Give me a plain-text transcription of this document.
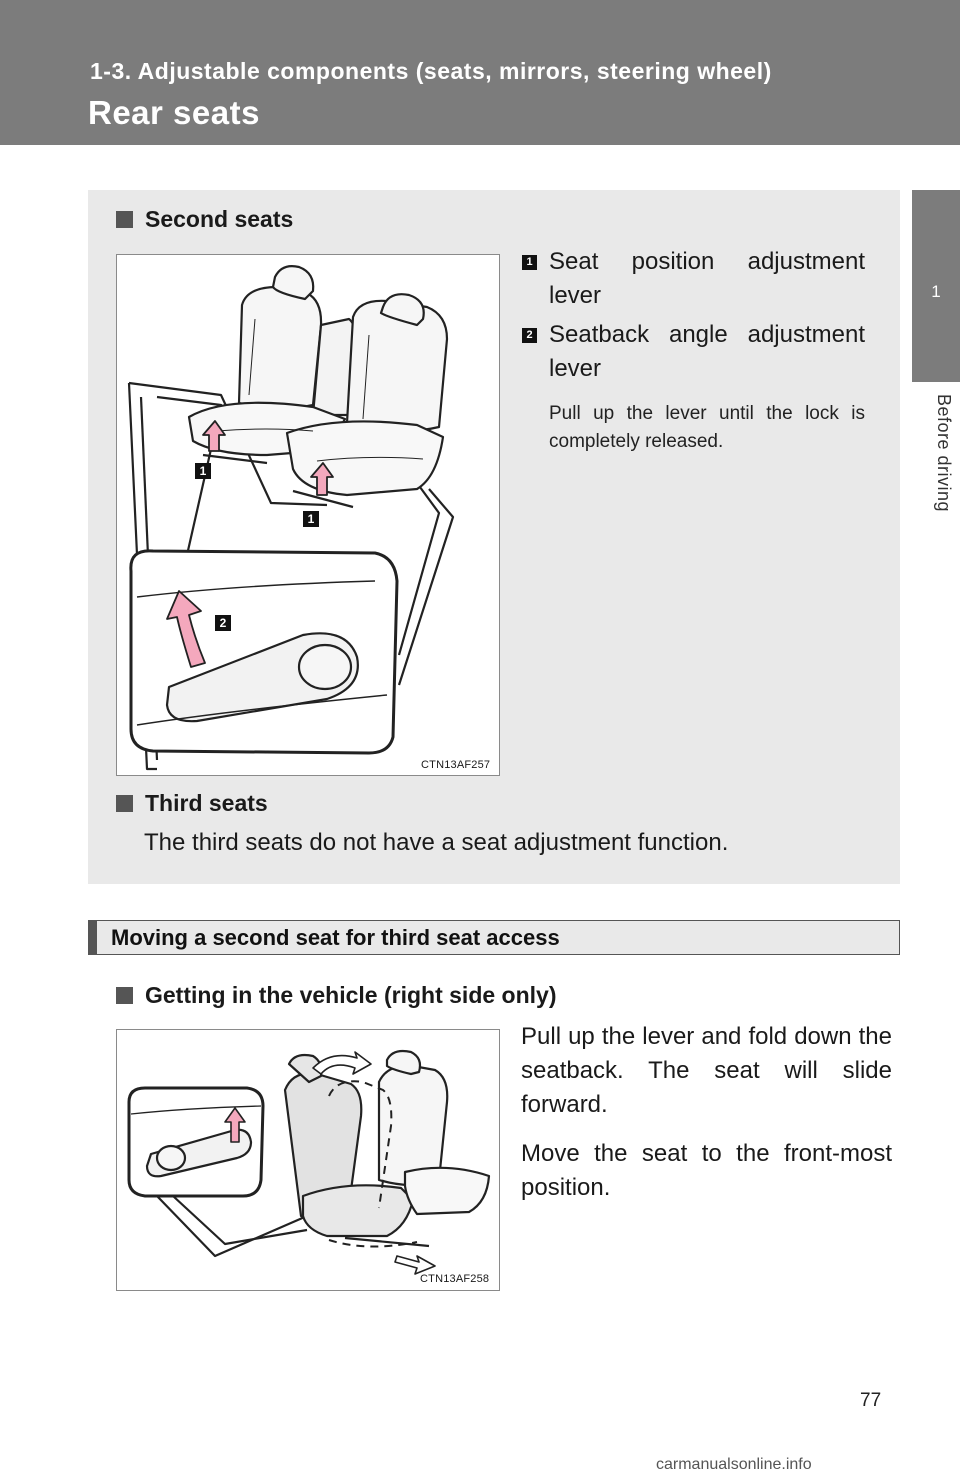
1-3. Adjustable components (seats, mirrors, steering wheel)
Rear seats
1
Before driving
Second seats
1
1
2
CTN13AF257
1 Seat position adjustment lever
2 Seatback angle adjustment lever
Pull up the lever until the lock is completely released.
Third seats
The third seats do not have a seat adjustment function.
Moving a second seat for third seat access
Getting in the vehicle (right side only)
CTN13AF258
Pull up the lever and fold down the seatback. The seat will slide forward.
Move the seat to the front-most position.
77
carmanualsonline.info
